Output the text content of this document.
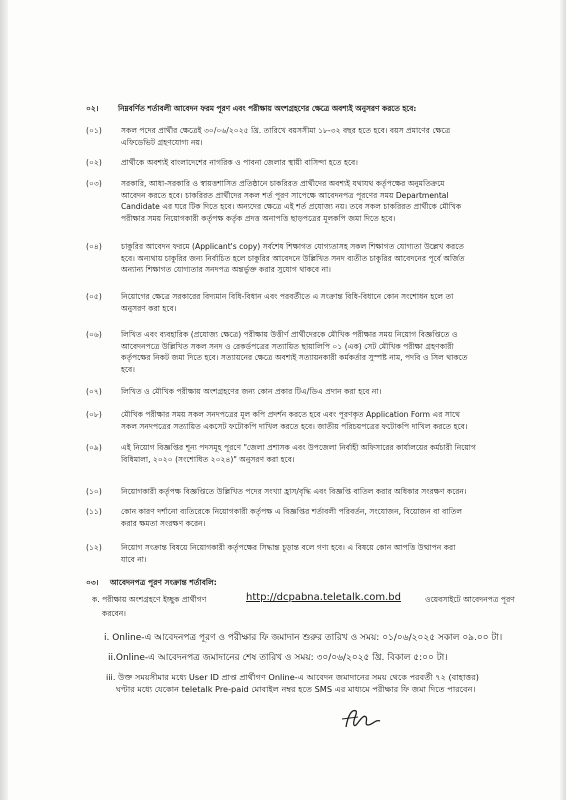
০২।	নিম্নবর্ণিত শর্তাবলী আবেদন ফরম পূরণ এবং পরীক্ষায় অংশগ্রহণের ক্ষেত্রে অবশ্যই অনুসরণ করতে হবে:
(০১)	সকল পদের প্রার্থীর ক্ষেত্রেই ৩০/০৬/২০২৫ খ্রি. তারিখে বয়সসীমা ১৮-৩২ বছর হতে হবে। বয়স প্রমাণের ক্ষেত্রে
এফিডেভিট গ্রহণযোগ্য নয়।
(০২)	প্রার্থীকে অবশ্যই বাংলাদেশের নাগরিক ও পাবনা জেলার স্থায়ী বাসিন্দা হতে হবে।
(০৩)	সরকারি, আধা-সরকারি ও স্বায়ত্তশাসিত প্রতিষ্ঠানে চাকরিরত প্রার্থীদের অবশ্যই যথাযথ কর্তৃপক্ষের অনুমতিক্রমে
আবেদন করতে হবে। চাকরিরত প্রার্থীদের সকল শর্ত পূরণ সাপেক্ষে আবেদনপত্র পূরণের সময় Departmental
Candidate এর ঘরে টিক দিতে হবে। অন্যদের ক্ষেত্রে এই শর্ত প্রযোজ্য নয়। তবে সকল চাকরিরত প্রার্থীকে মৌখিক
পরীক্ষার সময় নিয়োগকারী কর্তৃপক্ষ কর্তৃক প্রদত্ত অনাপত্তি ছাড়পত্রের মূলকপি জমা দিতে হবে।
(০৪)	চাকুরির আবেদন ফরমে (Applicant's copy) সর্বশেষ শিক্ষাগত যোগ্যতাসহ সকল শিক্ষাগত যোগ্যতা উল্লেখ করতে
হবে। অন্যথায় চাকুরির জন্য নির্বাচিত হলে চাকুরির আবেদনে উল্লিখিত সনদ ব্যতীত চাকুরির আবেদনের পূর্বে অর্জিত
অন্যান্য শিক্ষাগত যোগ্যতার সনদপত্র অন্তর্ভুক্ত করার সুযোগ থাকবে না।
(০৫)	নিয়োগের ক্ষেত্রে সরকারের বিদ্যমান বিধি-বিধান এবং পরবর্তীতে এ সংক্রান্ত বিধি-বিধানে কোন সংশোধন হলে তা
অনুসরণ করা হবে।
(০৬)	লিখিত এবং ব্যবহারিক (প্রযোজ্য ক্ষেত্রে) পরীক্ষায় উত্তীর্ণ প্রার্থীদেরকে মৌখিক পরীক্ষার সময় নিয়োগ বিজ্ঞপ্তিতে ও
আবেদনপত্রে উল্লিখিত সকল সনদ ও রেকর্ডপত্রের সত্যায়িত ছায়ালিপি ০১ (এক) সেট মৌখিক পরীক্ষা গ্রহণকারী
কর্তৃপক্ষের নিকট জমা দিতে হবে। সত্যায়নের ক্ষেত্রে অবশ্যই সত্যায়নকারী কর্মকর্তার সুস্পষ্ট নাম, পদবি ও সিল থাকতে
হবে।
(০৭)	লিখিত ও মৌখিক পরীক্ষায় অংশগ্রহণের জন্য কোন প্রকার টিএ/ডিএ প্রদান করা হবে না।
(০৮)	মৌখিক পরীক্ষার সময় সকল সনদপত্রের মূল কপি প্রদর্শন করতে হবে এবং পূরণকৃত Application Form এর সাথে
সকল সনদপত্রের সত্যায়িত একসেট ফটোকপি দাখিল করতে হবে। জাতীয় পরিচয়পত্রের ফটোকপি দাখিল করতে হবে।
(০৯)	এই নিয়োগ বিজ্ঞপ্তির শূন্য পদসমূহ পূরণে "জেলা প্রশাসক এবং উপজেলা নির্বাহী অফিসারের কার্যালয়ের কর্মচারী নিয়োগ
বিধিমালা, ২০২০ (সংশোধিত ২০২৪)" অনুসরণ করা হবে।
(১০)	নিয়োগকারী কর্তৃপক্ষ বিজ্ঞপ্তিতে উল্লিখিত পদের সংখ্যা হ্রাস/বৃদ্ধি এবং বিজ্ঞপ্তি বাতিল করার অধিকার সংরক্ষণ করেন।
(১১)	কোন কারণ দর্শানো ব্যতিরেকে নিয়োগকারী কর্তৃপক্ষ এ বিজ্ঞপ্তির শর্তাবলী পরিবর্তন, সংযোজন, বিয়োজন বা বাতিল
করার ক্ষমতা সংরক্ষণ করেন।
(১২)	নিয়োগ সংক্রান্ত বিষয়ে নিয়োগকারী কর্তৃপক্ষের সিদ্ধান্ত চূড়ান্ত বলে গণ্য হবে। এ বিষয়ে কোন আপত্তি উত্থাপন করা
যাবে না।
০৩। আবেদনপত্র পূরণ সংক্রান্ত শর্তাবলি:
ক. পরীক্ষায় অংশগ্রহণে ইচ্ছুক প্রার্থীগণ	http://dcpabna.teletalk.com.bd	ওয়েবসাইটে আবেদনপত্র পূরণ
করবেন।
i. Online-এ আবেদনপত্র পূরণ ও পরীক্ষার ফি জমাদান শুরুর তারিখ ও সময়: ০১/০৬/২০২৫ সকাল ০৯.০০ টা।
ii.Online-এ আবেদনপত্র জমাদানের শেষ তারিখ ও সময়: ৩০/০৬/২০২৫ খ্রি. বিকাল ৫:০০ টা।
iii. উক্ত সময়সীমার মধ্যে User ID প্রাপ্ত প্রার্থীগণ Online-এ আবেদন জমাদানের সময় থেকে পরবর্তী ৭২ (বাহাত্তর)
ঘণ্টার মধ্যে যেকোন teletalk Pre-paid মোবাইল নম্বর হতে SMS এর মাধ্যমে পরীক্ষার ফি জমা দিতে পারবেন।
